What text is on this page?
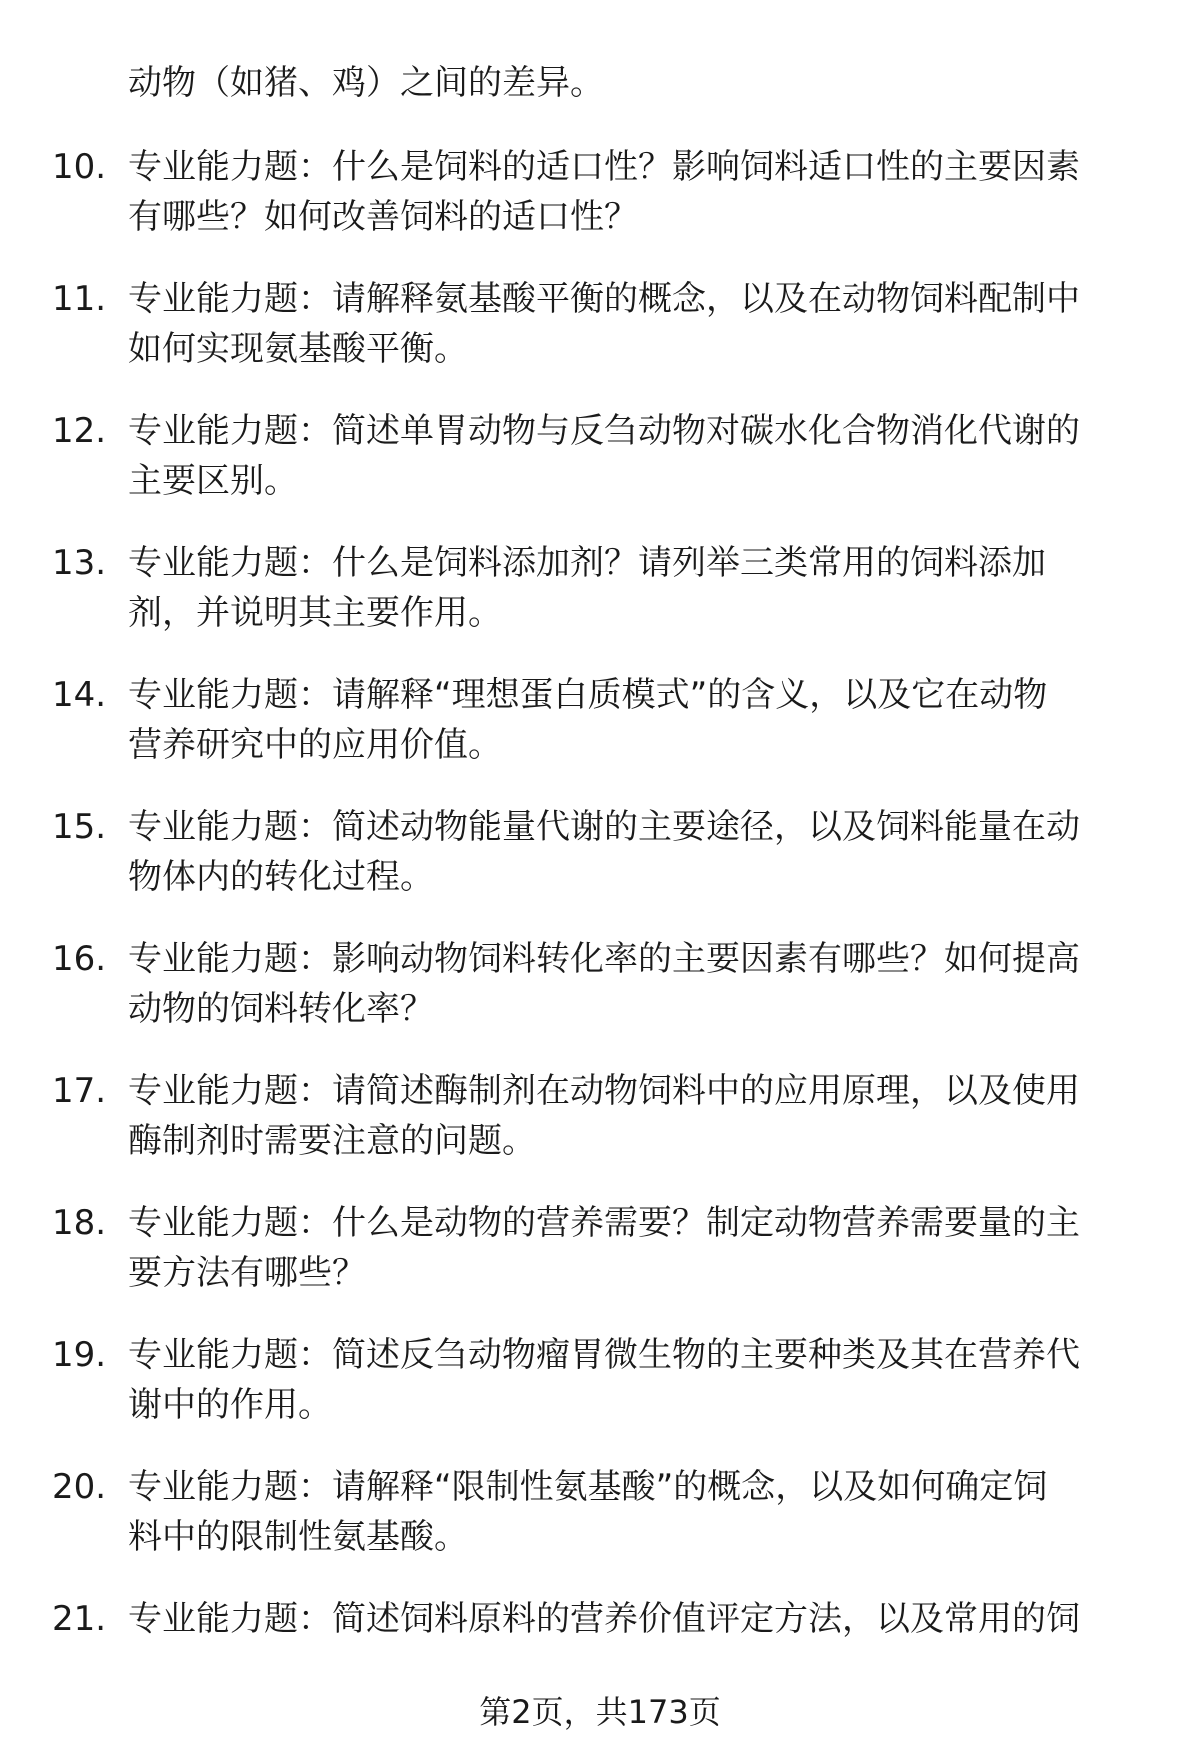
动物（如猪、鸡）之间的差异。
10. 专业能力题：什么是饲料的适口性？影响饲料适口性的主要因素
有哪些？如何改善饲料的适口性？
11. 专业能力题：请解释氨基酸平衡的概念，以及在动物饲料配制中
如何实现氨基酸平衡。
12. 专业能力题：简述单胃动物与反刍动物对碳水化合物消化代谢的
主要区别。
13. 专业能力题：什么是饲料添加剂？请列举三类常用的饲料添加
剂，并说明其主要作用。
14. 专业能力题：请解释“理想蛋白质模式”的含义，以及它在动物
营养研究中的应用价值。
15. 专业能力题：简述动物能量代谢的主要途径，以及饲料能量在动
物体内的转化过程。
16. 专业能力题：影响动物饲料转化率的主要因素有哪些？如何提高
动物的饲料转化率？
17. 专业能力题：请简述酶制剂在动物饲料中的应用原理，以及使用
酶制剂时需要注意的问题。
18. 专业能力题：什么是动物的营养需要？制定动物营养需要量的主
要方法有哪些？
19. 专业能力题：简述反刍动物瘤胃微生物的主要种类及其在营养代
谢中的作用。
20. 专业能力题：请解释“限制性氨基酸”的概念，以及如何确定饲
料中的限制性氨基酸。
21. 专业能力题：简述饲料原料的营养价值评定方法，以及常用的饲
第2页，共173页
